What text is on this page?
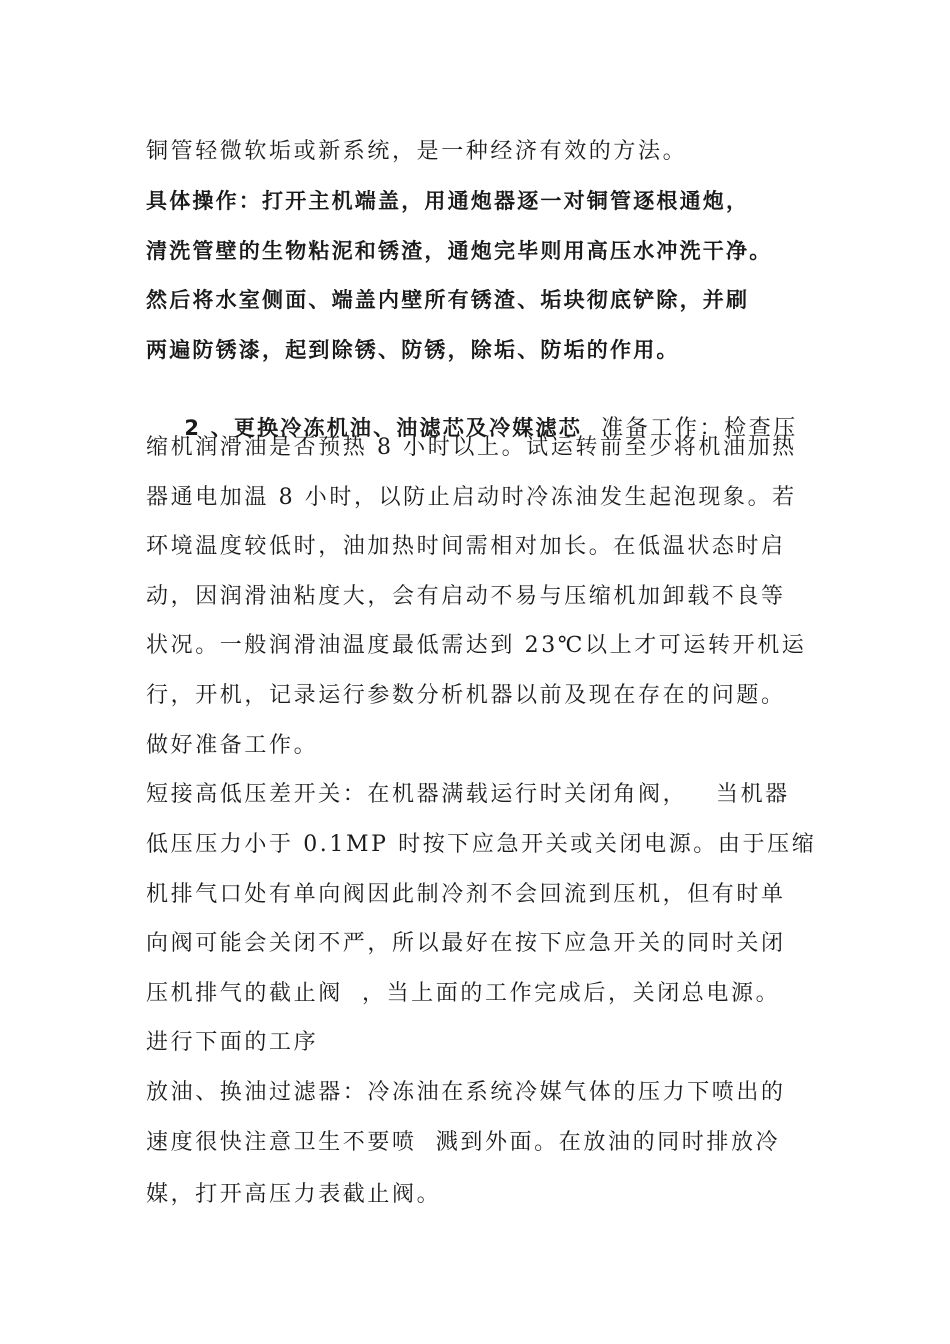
铜管轻微软垢或新系统，是一种经济有效的方法。
具体操作：打开主机端盖，用通炮器逐一对铜管逐根通炮，
清洗管壁的生物粘泥和锈渣，通炮完毕则用高压水冲洗干净。
然后将水室侧面、端盖内壁所有锈渣、垢块彻底铲除，并刷
两遍防锈漆，起到除锈、防锈，除垢、防垢的作用。

2 、更换冷冻机油、油滤芯及冷媒滤芯  准备工作：检查压

缩机润滑油是否预热 8 小时以上。试运转前至少将机油加热
器通电加温 8 小时，以防止启动时冷冻油发生起泡现象。若
环境温度较低时，油加热时间需相对加长。在低温状态时启
动，因润滑油粘度大，会有启动不易与压缩机加卸载不良等
状况。一般润滑油温度最低需达到 23℃以上才可运转开机运
行，开机，记录运行参数分析机器以前及现在存在的问题。
做好准备工作。
短接高低压差开关：在机器满载运行时关闭角阀，   当机器
低压压力小于 0.1MP 时按下应急开关或关闭电源。由于压缩
机排气口处有单向阀因此制冷剂不会回流到压机，但有时单
向阀可能会关闭不严，所以最好在按下应急开关的同时关闭
压机排气的截止阀  ，当上面的工作完成后，关闭总电源。
进行下面的工序
放油、换油过滤器：冷冻油在系统冷媒气体的压力下喷出的
速度很快注意卫生不要喷  溅到外面。在放油的同时排放冷
媒，打开高压力表截止阀。
